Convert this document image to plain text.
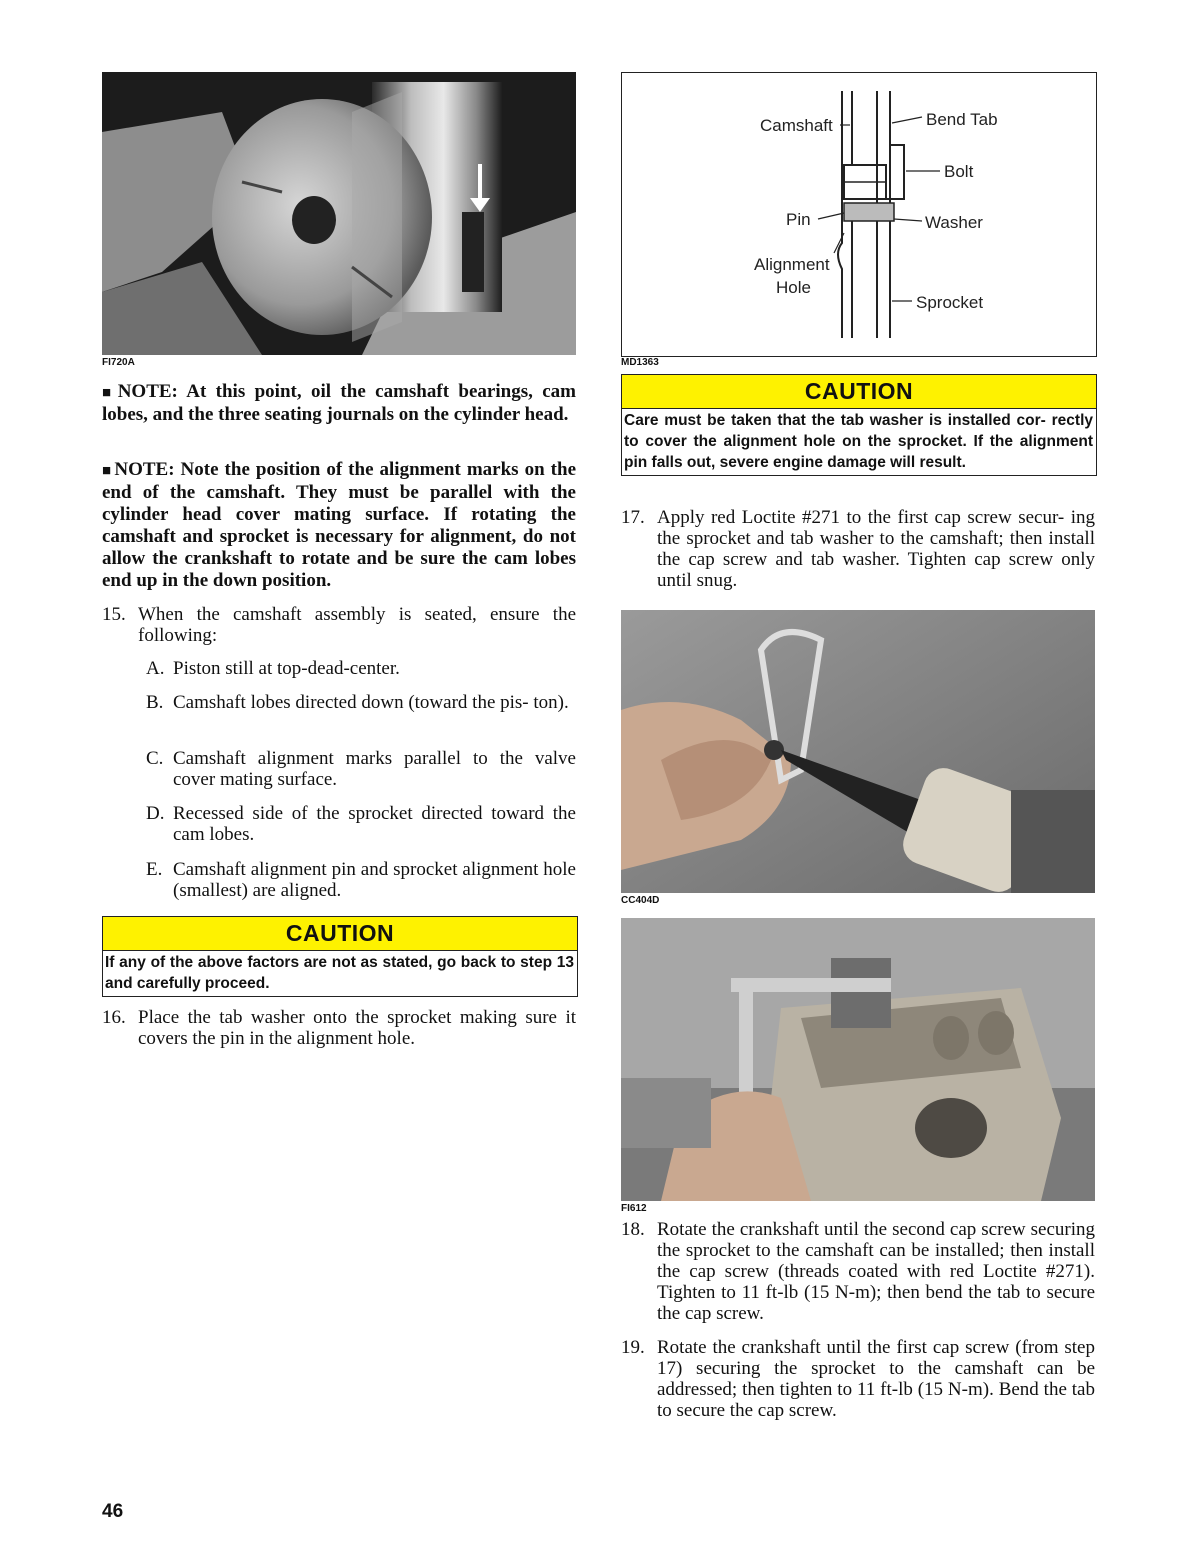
FI720A
■ NOTE: At this point, oil the camshaft bearings, cam lobes, and the three seating journals on the cylinder head.
■ NOTE: Note the position of the alignment marks on the end of the camshaft. They must be parallel with the cylinder head cover mating surface. If rotating the camshaft and sprocket is necessary for alignment, do not allow the crankshaft to rotate and be sure the cam lobes end up in the down position.
15. When the camshaft assembly is seated, ensure the following:
A. Piston still at top-dead-center.
B. Camshaft lobes directed down (toward the pis- ton).
C. Camshaft alignment marks parallel to the valve cover mating surface.
D. Recessed side of the sprocket directed toward the cam lobes.
E. Camshaft alignment pin and sprocket alignment hole (smallest) are aligned.
CAUTION
If any of the above factors are not as stated, go back to step 13 and carefully proceed.
16. Place the tab washer onto the sprocket making sure it covers the pin in the alignment hole.
Camshaft	Bend Tab
Bolt
Pin	Washer
Alignment
Hole
Sprocket
MD1363
CAUTION
Care must be taken that the tab washer is installed cor- rectly to cover the alignment hole on the sprocket. If the alignment pin falls out, severe engine damage will result.
17. Apply red Loctite #271 to the first cap screw secur- ing the sprocket and tab washer to the camshaft; then install the cap screw and tab washer. Tighten cap screw only until snug.
CC404D
FI612
18. Rotate the crankshaft until the second cap screw securing the sprocket to the camshaft can be installed; then install the cap screw (threads coated with red Loctite #271). Tighten to 11 ft-lb (15 N-m); then bend the tab to secure the cap screw.
19. Rotate the crankshaft until the first cap screw (from step 17) securing the sprocket to the camshaft can be addressed; then tighten to 11 ft-lb (15 N-m). Bend the tab to secure the cap screw.
46
